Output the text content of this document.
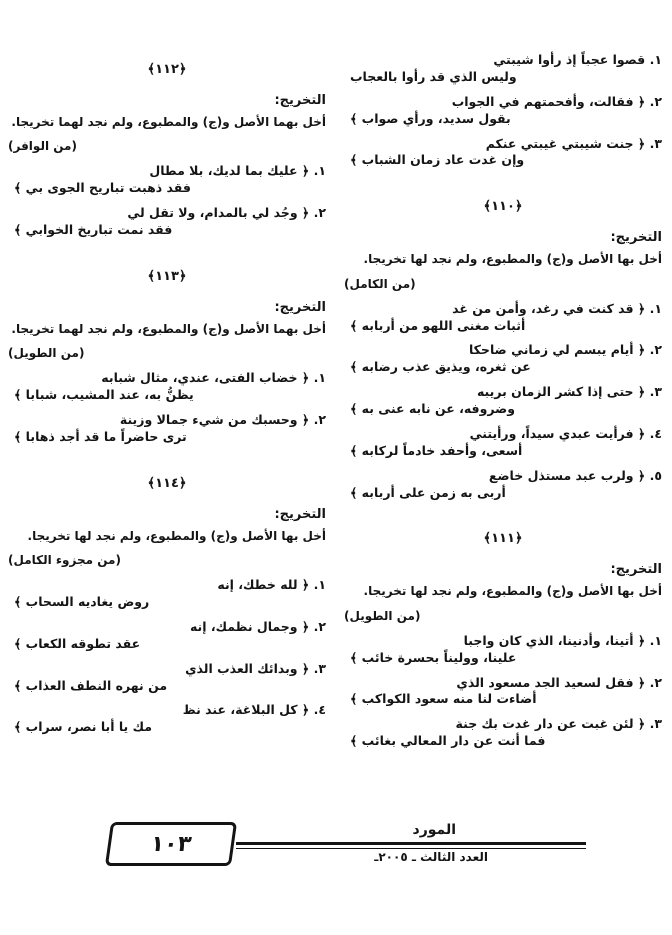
١. قصوا عجباً إذ رأوا شيبتي
وليس الذي قد رأوا بالعجاب
٢. ﴿ فقالت، وأفحمتهم في الجواب
بقول سديد، ورأي صواب ﴾
٣. ﴿ جنت شيبتي غيبتي عنكم
وإن غدت عاد زمان الشباب ﴾
﴿١١٠﴾
التخريج:
أخل بها الأصل و(ج) والمطبوع، ولم نجد لها تخريجا.
(من الكامل)
١. ﴿ قد كنت في رغد، وأمن من غد
أثبات مغنى اللهو من أربابه ﴾
٢. ﴿ أيام يبسم لي زماني ضاحكا
عن ثغره، ويذيق عذب رضابه ﴾
٣. ﴿ حتى إذا كشر الزمان بريبه
وضروفه، عن نابه عنى به ﴾
٤. ﴿ فرأيت عبدي سيداً، ورأيتني
أسعى، وأحفد خادماً لركابه ﴾
٥. ﴿ ولرب عبد مستذل خاضع
أربى به زمن على أربابه ﴾
﴿١١١﴾
التخريج:
أخل بها الأصل و(ج) والمطبوع، ولم نجد لها تخريجا.
(من الطويل)
١. ﴿ أتينا، وأدنينا، الذي كان واجبا
علينا، ووليناً بحسرة خائب ﴾
٢. ﴿ فقل لسعيد الجد مسعود الذي
أضاءت لنا منه سعود الكواكب ﴾
٣. ﴿ لئن غبت عن دار غدت بك جنة
فما أنت عن دار المعالي بغائب ﴾
﴿١١٢﴾
التخريج:
أخل بهما الأصل و(ج) والمطبوع، ولم نجد لهما تخريجا.
(من الوافر)
١. ﴿ عليك بما لديك، بلا مطال
فقد ذهبت تباريح الجوى بي ﴾
٢. ﴿ وجُد لي بالمدام، ولا تقل لي
فقد نمت تباريخ الخوابي ﴾
﴿١١٣﴾
التخريج:
أخل بهما الأصل و(ج) والمطبوع، ولم نجد لهما تخريجا.
(من الطويل)
١. ﴿ خضاب الفتى، عندي، مثال شبابه
يظنُّ به، عند المشيب، شبابا ﴾
٢. ﴿ وحسبك من شيء جمالا وزينة
ترى حاضراً ما قد أجد ذهابا ﴾
﴿١١٤﴾
التخريج:
أخل بها الأصل و(ج) والمطبوع، ولم نجد لها تخريجا.
(من مجزوء الكامل)
١. ﴿ لله خطك، إنه
روض يغاديه السحاب ﴾
٢. ﴿ وجمال نظمك، إنه
عقد تطوقه الكعاب ﴾
٣. ﴿ وبدائك العذب الذي
من نهره النطف العذاب ﴾
٤. ﴿ كل البلاغة، عند نظ
مك يا أبا نصر، سراب ﴾
١٠٣
المورد
العدد الثالث ـ ٢٠٠٥ـ
